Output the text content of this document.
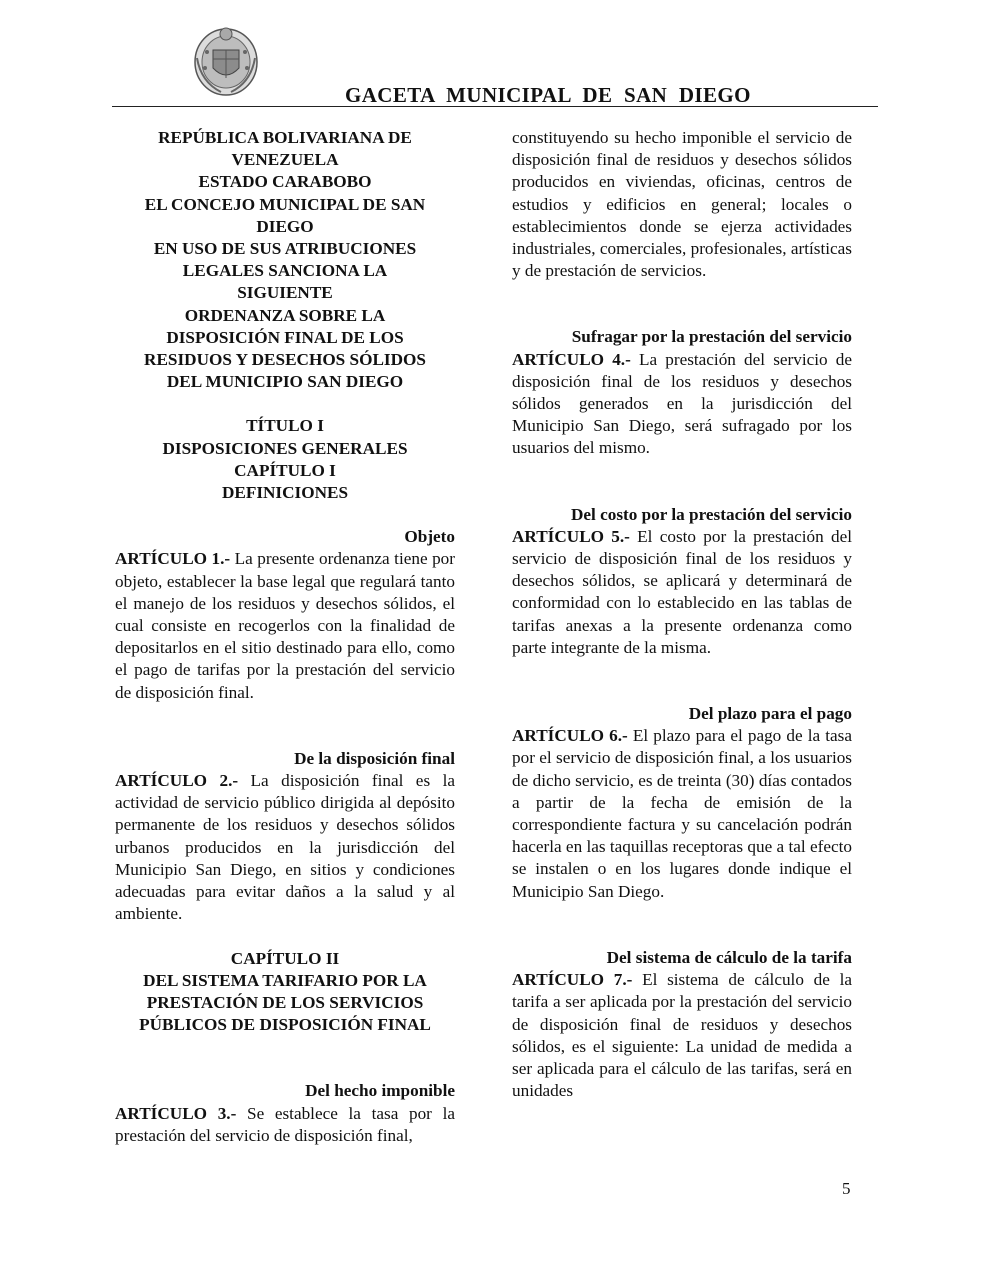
GACETA MUNICIPAL DE SAN DIEGO
REPÚBLICA BOLIVARIANA DE
VENEZUELA
ESTADO CARABOBO
EL CONCEJO MUNICIPAL DE SAN
DIEGO
EN USO DE SUS ATRIBUCIONES
LEGALES SANCIONA LA
SIGUIENTE
ORDENANZA SOBRE LA
DISPOSICIÓN FINAL DE LOS
RESIDUOS Y DESECHOS SÓLIDOS
DEL MUNICIPIO SAN DIEGO
TÍTULO I
DISPOSICIONES GENERALES
CAPÍTULO I
DEFINICIONES
Objeto
ARTÍCULO 1.- La presente ordenanza tiene por objeto, establecer la base legal que regulará tanto el manejo de los residuos y desechos sólidos, el cual consiste en recogerlos con la finalidad de depositarlos en el sitio destinado para ello, como el pago de tarifas por la prestación del servicio de disposición final.
De la disposición final
ARTÍCULO 2.- La disposición final es la actividad de servicio público dirigida al depósito permanente de los residuos y desechos sólidos urbanos producidos en la jurisdicción del Municipio San Diego, en sitios y condiciones adecuadas para evitar daños a la salud y al ambiente.
CAPÍTULO II
DEL SISTEMA TARIFARIO POR LA
PRESTACIÓN DE LOS SERVICIOS
PÚBLICOS DE DISPOSICIÓN FINAL
Del hecho imponible
ARTÍCULO 3.- Se establece la tasa por la prestación del servicio de disposición final,
constituyendo su hecho imponible el servicio de disposición final de residuos y desechos sólidos producidos en viviendas, oficinas, centros de estudios y edificios en general; locales o establecimientos donde se ejerza actividades industriales, comerciales, profesionales, artísticas y de prestación de servicios.
Sufragar por la prestación del servicio
ARTÍCULO 4.- La prestación del servicio de disposición final de los residuos y desechos sólidos generados en la jurisdicción del Municipio San Diego, será sufragado por los usuarios del mismo.
Del costo por la prestación del servicio
ARTÍCULO 5.- El costo por la prestación del servicio de disposición final de los residuos y desechos sólidos, se aplicará y determinará de conformidad con lo establecido en las tablas de tarifas anexas a la presente ordenanza como parte integrante de la misma.
Del plazo para el pago
ARTÍCULO 6.- El plazo para el pago de la tasa por el servicio de disposición final, a los usuarios de dicho servicio, es de treinta (30) días contados a partir de la fecha de emisión de la correspondiente factura y su cancelación podrán hacerla en las taquillas receptoras que a tal efecto se instalen o en los lugares donde indique el Municipio San Diego.
Del sistema de cálculo de la tarifa
ARTÍCULO 7.- El sistema de cálculo de la tarifa a ser aplicada por la prestación del servicio de disposición final de residuos y desechos sólidos, es el siguiente: La unidad de medida a ser aplicada para el cálculo de las tarifas, será en unidades
5
